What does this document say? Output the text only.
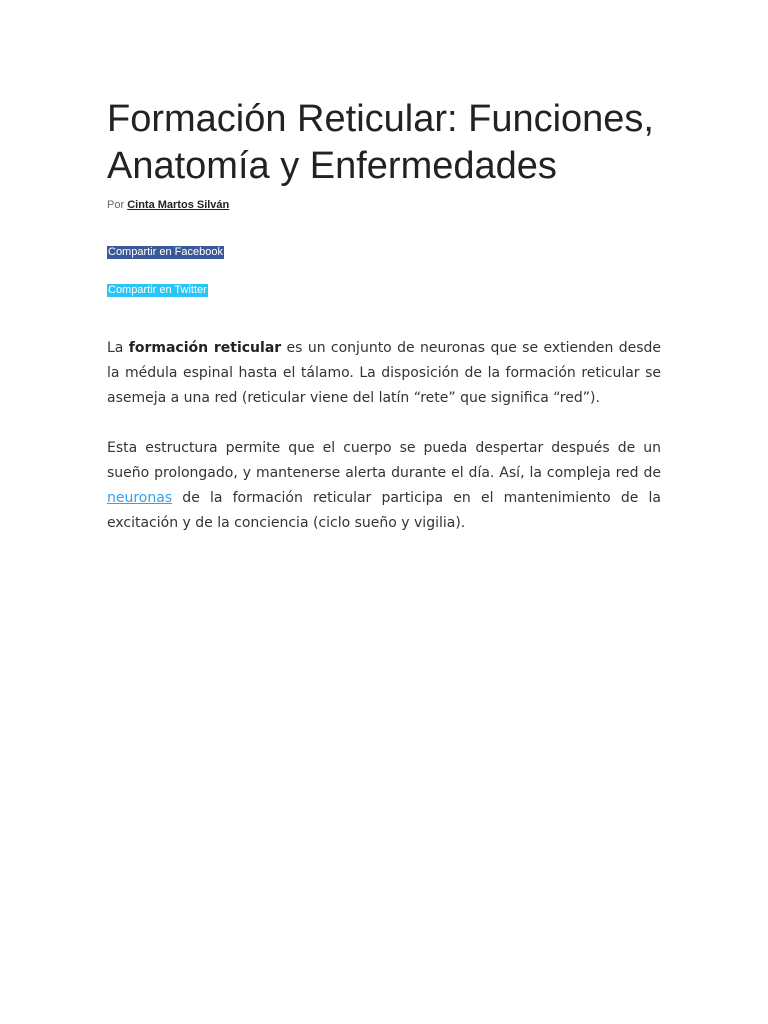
Formación Reticular: Funciones, Anatomía y Enfermedades
Por Cinta Martos Silván
Compartir en Facebook
Compartir en Twitter

La formación reticular es un conjunto de neuronas que se extienden desde la médula espinal hasta el tálamo. La disposición de la formación reticular se asemeja a una red (reticular viene del latín “rete” que significa “red”).

Esta estructura permite que el cuerpo se pueda despertar después de un sueño prolongado, y mantenerse alerta durante el día. Así, la compleja red de neuronas de la formación reticular participa en el mantenimiento de la excitación y de la conciencia (ciclo sueño y vigilia).
